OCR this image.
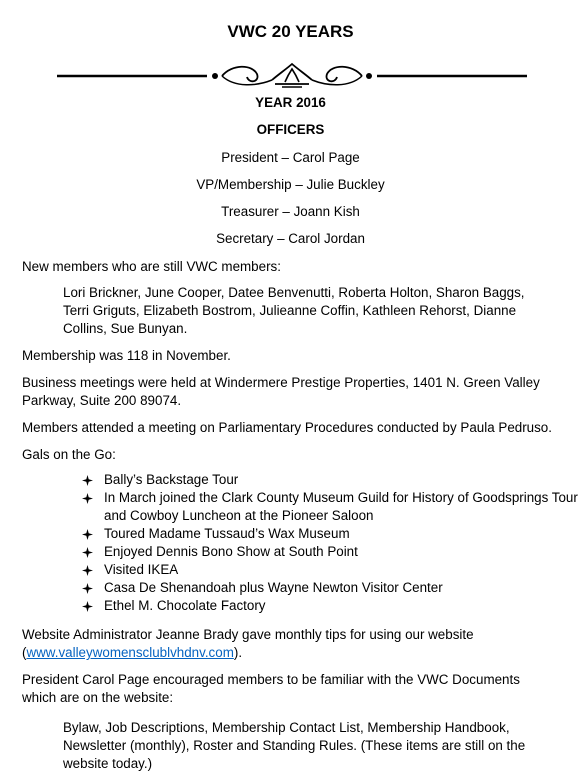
VWC 20 YEARS
YEAR 2016
OFFICERS
President – Carol Page
VP/Membership – Julie Buckley
Treasurer – Joann Kish
Secretary – Carol Jordan
New members who are still VWC members:
Lori Brickner, June Cooper, Datee Benvenutti, Roberta Holton, Sharon Baggs, Terri Griguts, Elizabeth Bostrom, Julieanne Coffin, Kathleen Rehorst, Dianne Collins, Sue Bunyan.
Membership was 118 in November.
Business meetings were held at Windermere Prestige Properties, 1401 N. Green Valley Parkway, Suite 200 89074.
Members attended a meeting on Parliamentary Procedures conducted by Paula Pedruso.
Gals on the Go:
Bally’s Backstage Tour
In March joined the Clark County Museum Guild for History of Goodsprings Tour and Cowboy Luncheon at the Pioneer Saloon
Toured Madame Tussaud’s Wax Museum
Enjoyed Dennis Bono Show at South Point
Visited IKEA
Casa De Shenandoah plus Wayne Newton Visitor Center
Ethel M. Chocolate Factory
Website Administrator Jeanne Brady gave monthly tips for using our website (www.valleywomensclublvhdnv.com).
President Carol Page encouraged members to be familiar with the VWC Documents which are on the website:
Bylaw, Job Descriptions, Membership Contact List, Membership Handbook, Newsletter (monthly), Roster and Standing Rules. (These items are still on the website today.)
